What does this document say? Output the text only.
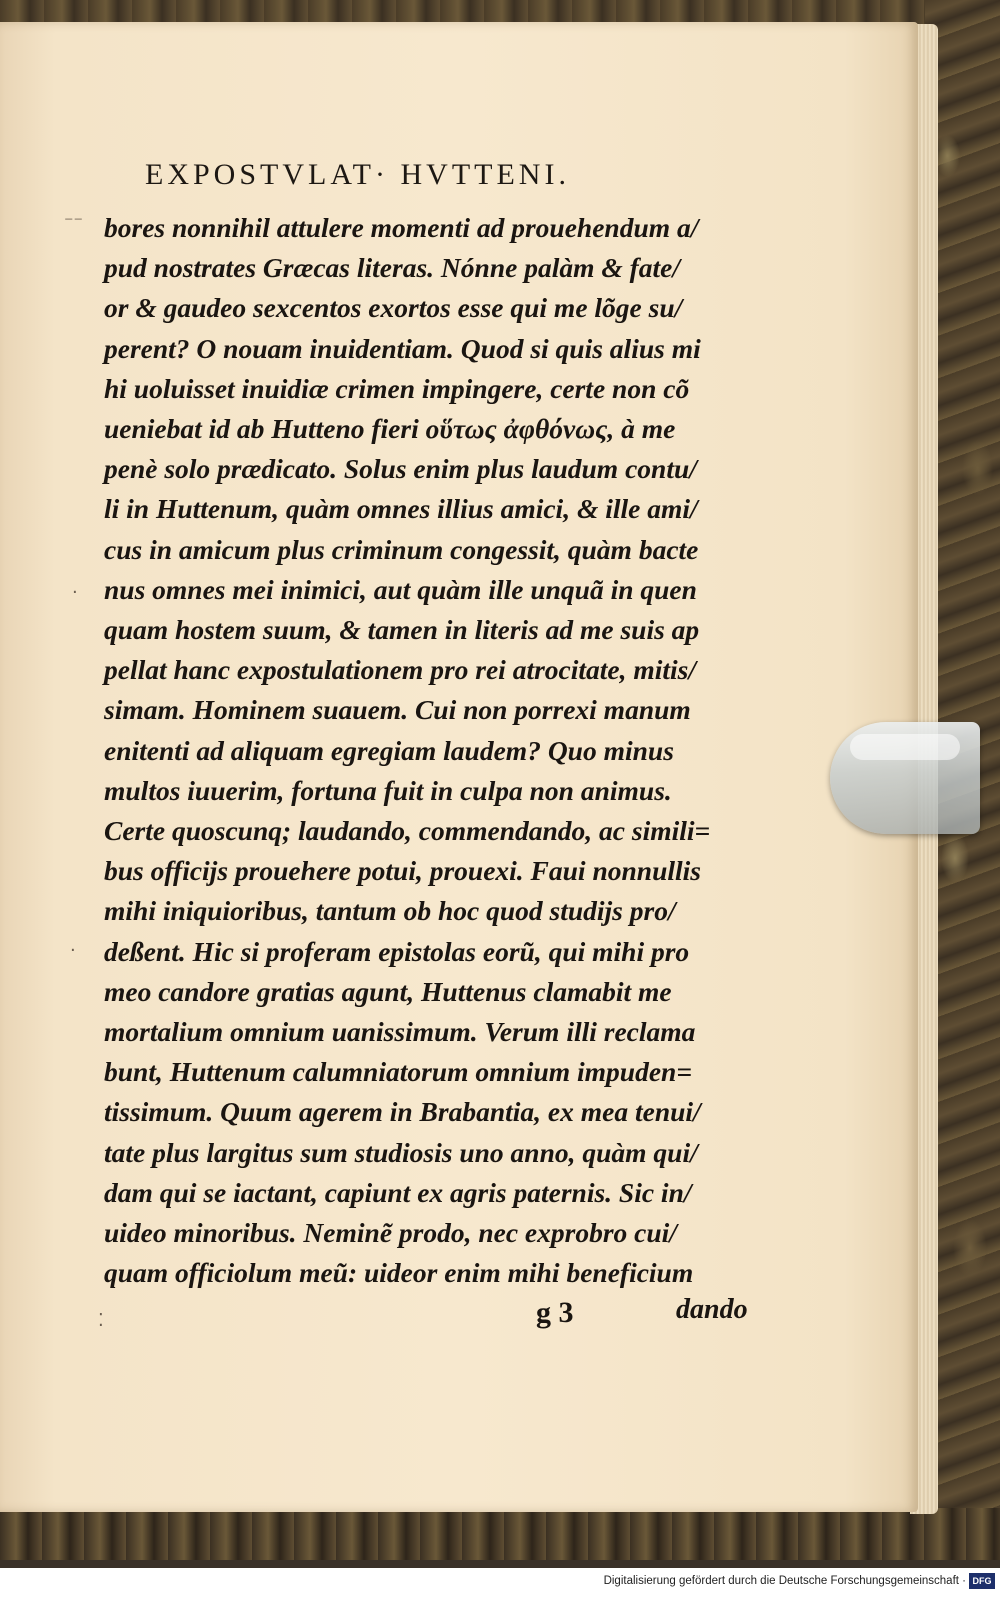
EXPOSTVLAT· HVTTENI.
bores nonnihil attulere momenti ad prouehendum a/
pud nostrates Græcas literas. Nónne palàm & fate/
or & gaudeo sexcentos exortos esse qui me lõge su/
perent? O nouam inuidentiam. Quod si quis alius mi
hi uoluisset inuidiæ crimen impingere, certe non cõ
ueniebat id ab Hutteno fieri οὕτως ἀφθόνως, à me
penè solo prædicato. Solus enim plus laudum contu/
li in Huttenum, quàm omnes illius amici, & ille ami/
cus in amicum plus criminum congessit, quàm bacte
nus omnes mei inimici, aut quàm ille unquã in quen
quam hostem suum, & tamen in literis ad me suis ap
pellat hanc expostulationem pro rei atrocitate, mitis/
simam. Hominem suauem. Cui non porrexi manum
enitenti ad aliquam egregiam laudem? Quo minus
multos iuuerim, fortuna fuit in culpa non animus.
Certe quoscunq; laudando, commendando, ac simili=
bus officijs prouehere potui, prouexi. Faui nonnullis
mihi iniquioribus, tantum ob hoc quod studijs pro/
deßent. Hic si proferam epistolas eorũ, qui mihi pro
meo candore gratias agunt, Huttenus clamabit me
mortalium omnium uanissimum. Verum illi reclama
bunt, Huttenum calumniatorum omnium impuden=
tissimum. Quum agerem in Brabantia, ex mea tenui/
tate plus largitus sum studiosis uno anno, quàm qui/
dam qui se iactant, capiunt ex agris paternis. Sic in/
uideo minoribus. Neminẽ prodo, nec exprobro cui/
quam officiolum meũ: uideor enim mihi beneficium
g 3	dando
⁻⁻
·
·
⁚
Digitalisierung gefördert durch die Deutsche Forschungsgemeinschaft · DFG
